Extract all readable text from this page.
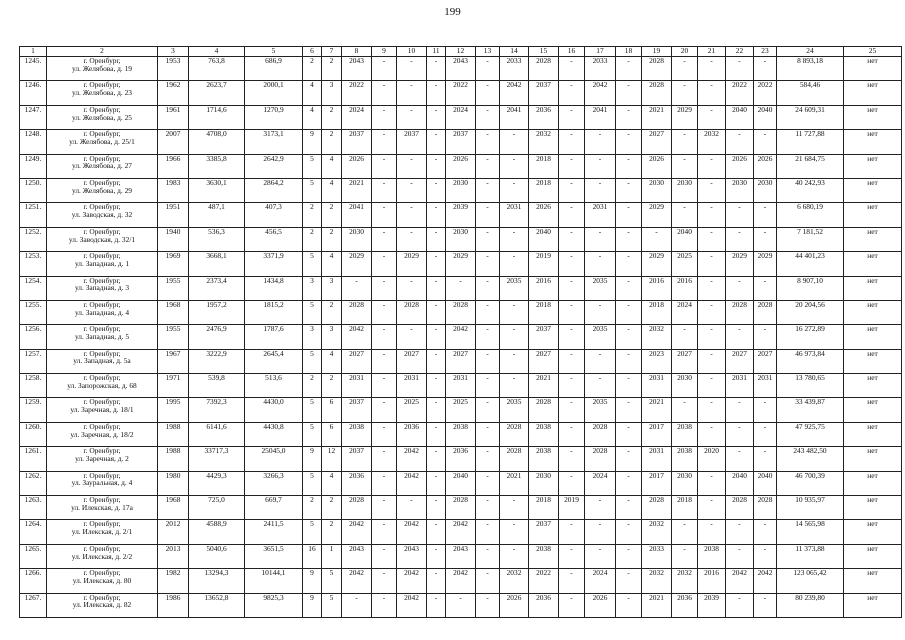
199
1	2	3	4	5	6	7	8	9	10	11	12	13	14	15	16	17	18	19	20	21	22	23	24	25
1245.	г. Оренбург,
ул. Желябова, д. 19	1953	763,8	686,9	2	2	2043	-	-	-	2043	-	2033	2028	-	2033	-	2028	-	-	-	-	8 893,18	нет
1246.	г. Оренбург,
ул. Желябова, д. 23	1962	2623,7	2000,1	4	3	2022	-	-	-	2022	-	2042	2037	-	2042	-	2028	-	-	2022	2022	584,46	нет
1247.	г. Оренбург,
ул. Желябова, д. 25	1961	1714,6	1270,9	4	2	2024	-	-	-	2024	-	2041	2036	-	2041	-	2021	2029	-	2040	2040	24 609,31	нет
1248.	г. Оренбург,
ул. Желябова, д. 25/1	2007	4708,0	3173,1	9	2	2037	-	2037	-	2037	-	-	2032	-	-	-	2027	-	2032	-	-	11 727,88	нет
1249.	г. Оренбург,
ул. Желябова, д. 27	1966	3385,8	2642,9	5	4	2026	-	-	-	2026	-	-	2018	-	-	-	2026	-	-	2026	2026	21 684,75	нет
1250.	г. Оренбург,
ул. Желябова, д. 29	1983	3630,1	2864,2	5	4	2021	-	-	-	2030	-	-	2018	-	-	-	2030	2030	-	2030	2030	40 242,93	нет
1251.	г. Оренбург,
ул. Заводская, д. 32	1951	487,1	407,3	2	2	2041	-	-	-	2039	-	2031	2026	-	2031	-	2029	-	-	-	-	6 680,19	нет
1252.	г. Оренбург,
ул. Заводская, д. 32/1	1940	536,3	456,5	2	2	2030	-	-	-	2030	-	-	2040	-	-	-	-	2040	-	-	-	7 181,52	нет
1253.	г. Оренбург,
ул. Западная, д. 1	1969	3668,1	3371,9	5	4	2029	-	2029	-	2029	-	-	2019	-	-	-	2029	2025	-	2029	2029	44 401,23	нет
1254.	г. Оренбург,
ул. Западная, д. 3	1955	2373,4	1434,8	3	3	-	-	-	-	-	-	2035	2016	-	2035	-	2016	2016	-	-	-	8 907,10	нет
1255.	г. Оренбург,
ул. Западная, д. 4	1968	1957,2	1815,2	5	2	2028	-	2028	-	2028	-	-	2018	-	-	-	2018	2024	-	2028	2028	20 204,56	нет
1256.	г. Оренбург,
ул. Западная, д. 5	1955	2476,9	1787,6	3	3	2042	-	-	-	2042	-	-	2037	-	2035	-	2032	-	-	-	-	16 272,89	нет
1257.	г. Оренбург,
ул. Западная, д. 5а	1967	3222,9	2645,4	5	4	2027	-	2027	-	2027	-	-	2027	-	-	-	2023	2027	-	2027	2027	46 973,84	нет
1258.	г. Оренбург,
ул. Запорожская, д. 68	1971	539,8	513,6	2	2	2031	-	2031	-	2031	-	-	2021	-	-	-	2031	2030	-	2031	2031	13 780,65	нет
1259.	г. Оренбург,
ул. Заречная, д. 18/1	1995	7392,3	4430,0	5	6	2037	-	2025	-	2025	-	2035	2028	-	2035	-	2021	-	-	-	-	33 439,87	нет
1260.	г. Оренбург,
ул. Заречная, д. 18/2	1988	6141,6	4430,8	5	6	2038	-	2036	-	2038	-	2028	2038	-	2028	-	2017	2038	-	-	-	47 925,75	нет
1261.	г. Оренбург,
ул. Заречная, д. 2	1988	33717,3	25045,0	9	12	2037	-	2042	-	2036	-	2028	2038	-	2028	-	2031	2038	2020	-	-	243 482,50	нет
1262.	г. Оренбург,
ул. Зауральная, д. 4	1980	4429,3	3266,3	5	4	2036	-	2042	-	2040	-	2021	2030	-	2024	-	2017	2030	-	2040	2040	46 700,39	нет
1263.	г. Оренбург,
ул. Илекская, д. 17а	1968	725,0	669,7	2	2	2028	-	-	-	2028	-	-	2018	2019	-	-	2028	2018	-	2028	2028	10 935,97	нет
1264.	г. Оренбург,
ул. Илекская, д. 2/1	2012	4588,9	2411,5	5	2	2042	-	2042	-	2042	-	-	2037	-	-	-	2032	-	-	-	-	14 565,98	нет
1265.	г. Оренбург,
ул. Илекская, д. 2/2	2013	5040,6	3651,5	16	1	2043	-	2043	-	2043	-	-	2038	-	-	-	2033	-	2038	-	-	11 373,88	нет
1266.	г. Оренбург,
ул. Илекская, д. 80	1982	13294,3	10144,1	9	5	2042	-	2042	-	2042	-	2032	2022	-	2024	-	2032	2032	2016	2042	2042	123 065,42	нет
1267.	г. Оренбург,
ул. Илекская, д. 82	1986	13652,8	9825,3	9	5	-	-	2042	-	-	-	2026	2036	-	2026	-	2021	2036	2039	-	-	80 239,80	нет
